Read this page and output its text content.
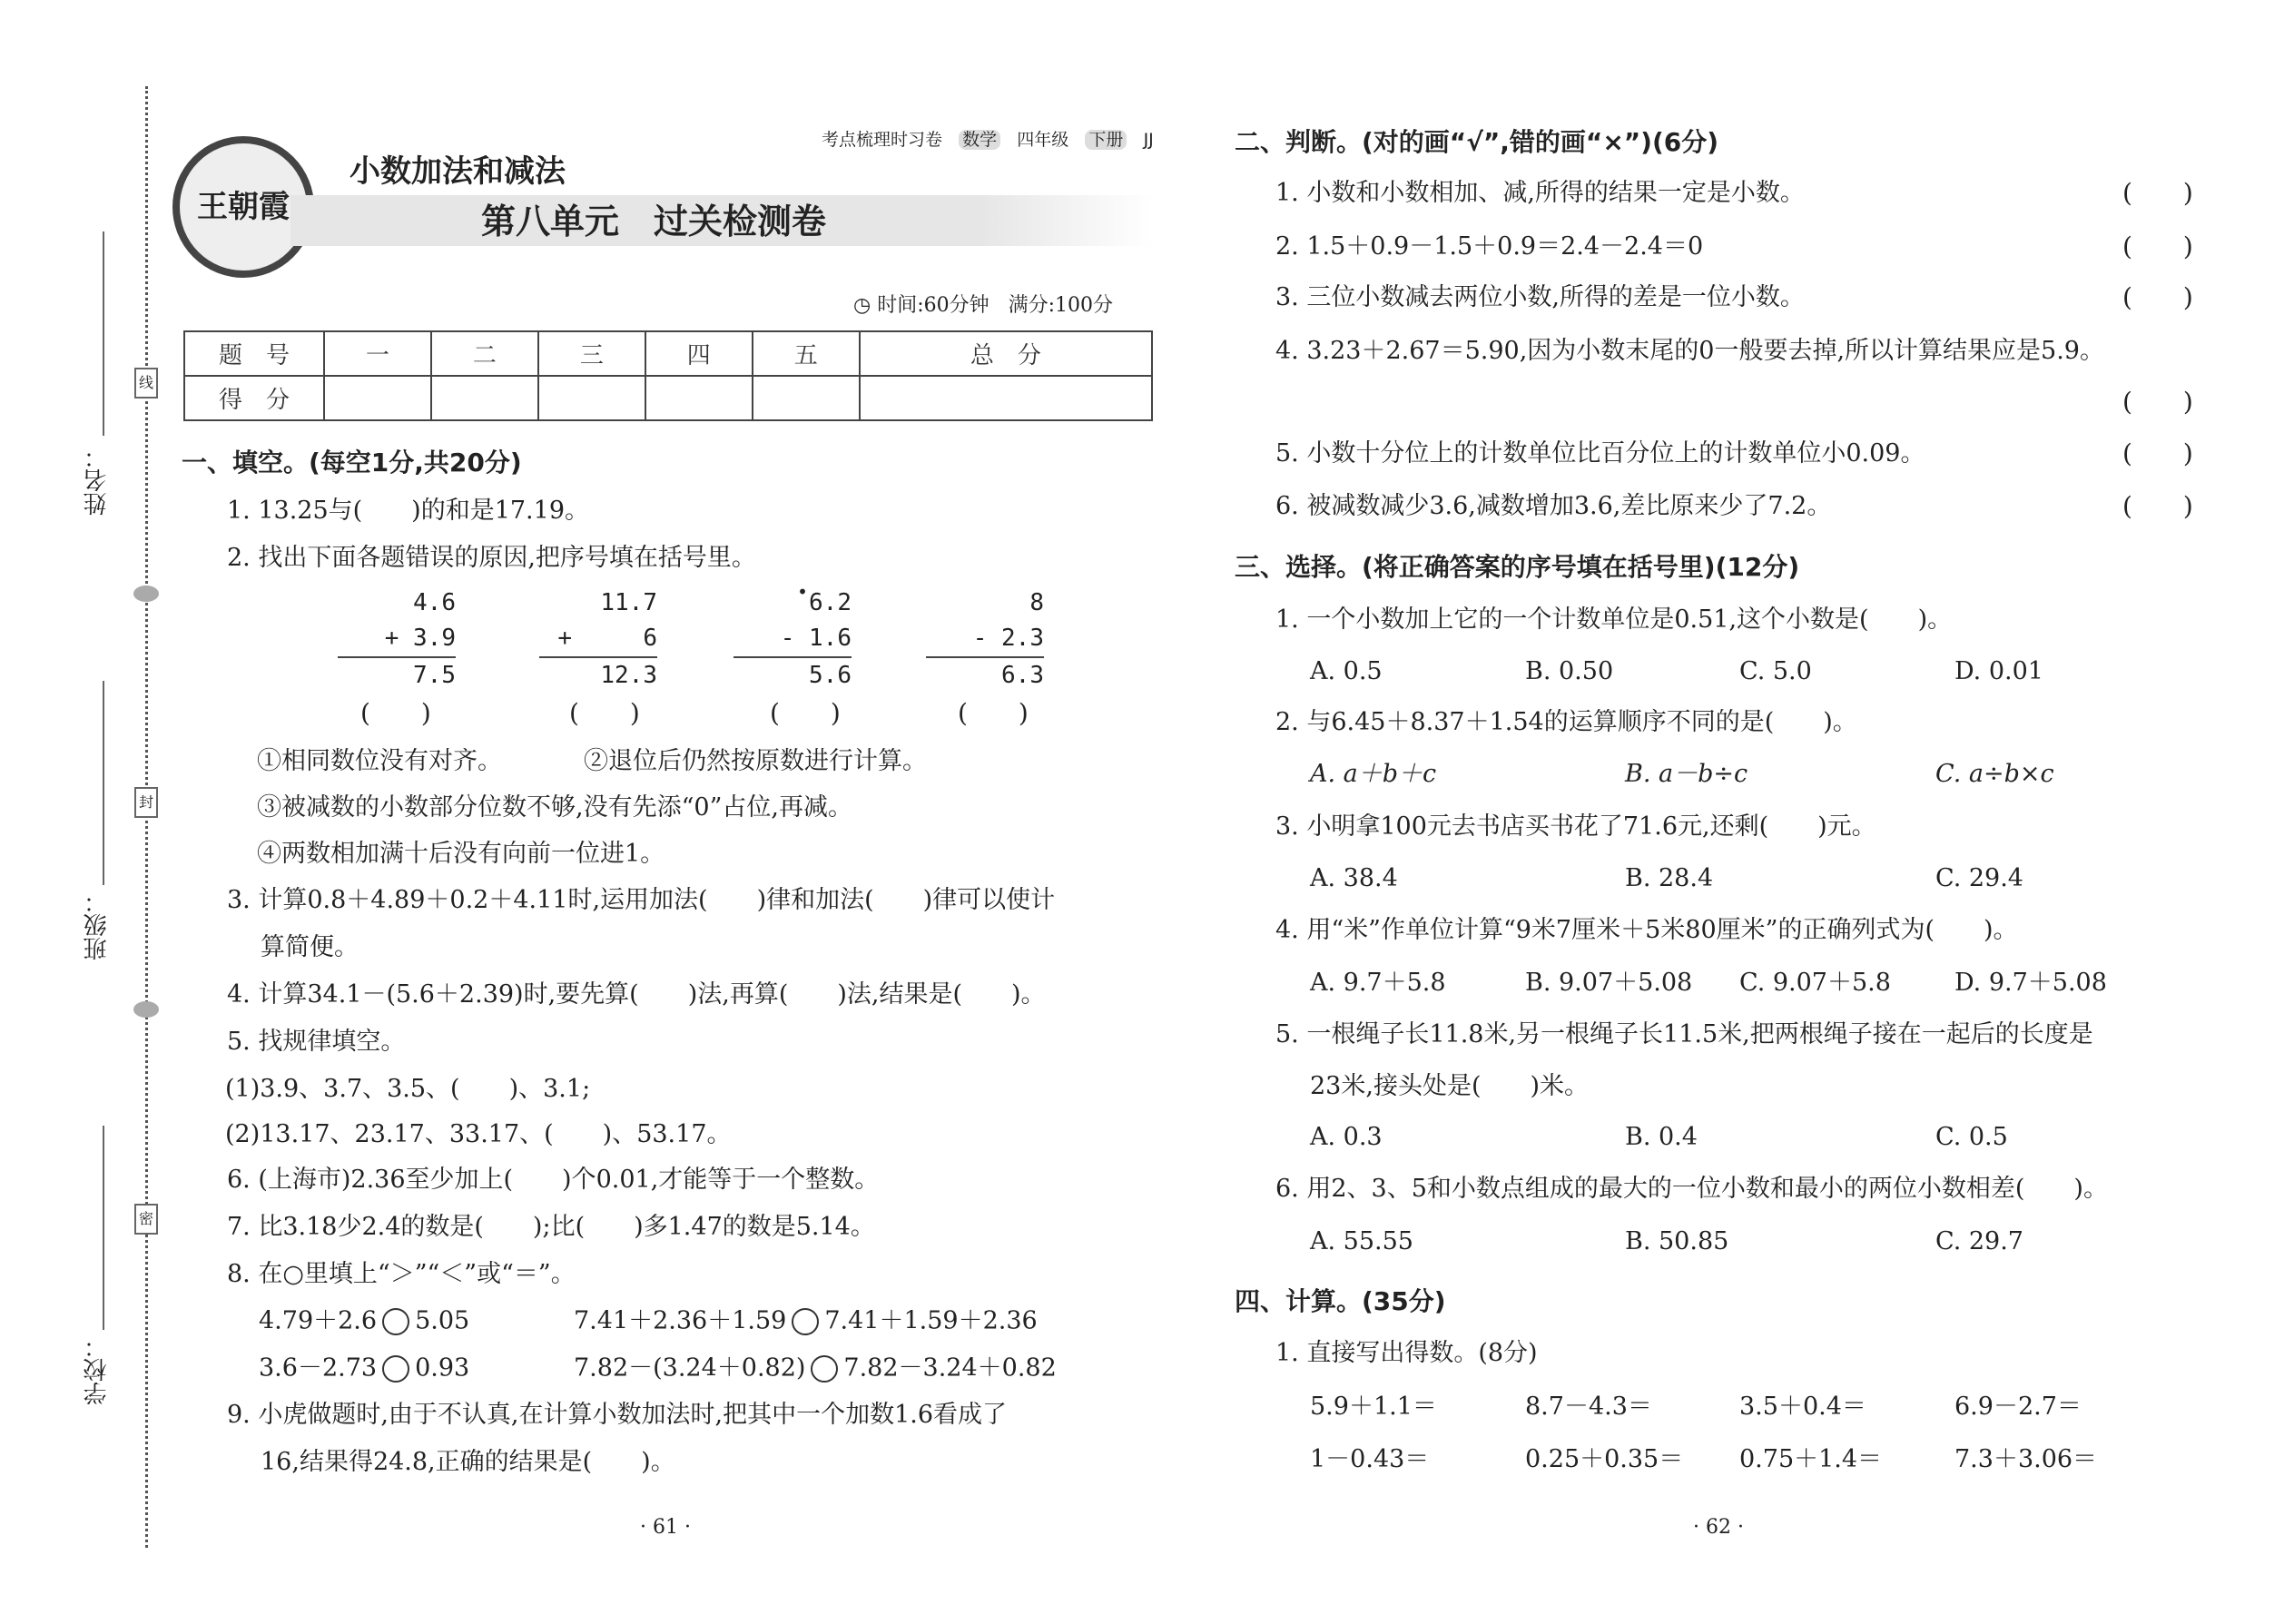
线
封
密
姓名：
班级：
学校：
王朝霞
考点梳理时习卷 数学 四年级 下册 JJ
小数加法和减法
第八单元　过关检测卷
◷ 时间:60分钟 满分:100分
题　号	一	二	三	四	五	总　分
得　分						
一、填空。(每空1分,共20分)
1. 13.25与(　　)的和是17.19。
2. 找出下面各题错误的原因,把序号填在括号里。
4.6
+ 3.9
7.5
11.7
+     6
12.3
• 6.2
- 1.6
5.6
8
- 2.3
6.3
(　　)	(　　)	(　　)	(　　)
①相同数位没有对齐。	②退位后仍然按原数进行计算。
③被减数的小数部分位数不够,没有先添“0”占位,再减。
④两数相加满十后没有向前一位进1。
3. 计算0.8＋4.89＋0.2＋4.11时,运用加法(　　)律和加法(　　)律可以使计
算简便。
4. 计算34.1－(5.6＋2.39)时,要先算(　　)法,再算(　　)法,结果是(　　)。
5. 找规律填空。
(1)3.9、3.7、3.5、(　　)、3.1;
(2)13.17、23.17、33.17、(　　)、53.17。
6. (上海市)2.36至少加上(　　)个0.01,才能等于一个整数。
7. 比3.18少2.4的数是(　　);比(　　)多1.47的数是5.14。
8. 在○里填上“＞”“＜”或“＝”。
4.79＋2.6 5.05	7.41＋2.36＋1.59 7.41＋1.59＋2.36
3.6－2.73 0.93	7.82－(3.24＋0.82) 7.82－3.24＋0.82
9. 小虎做题时,由于不认真,在计算小数加法时,把其中一个加数1.6看成了
16,结果得24.8,正确的结果是(　　)。
· 61 ·
二、判断。(对的画“√”,错的画“×”)(6分)
1. 小数和小数相加、减,所得的结果一定是小数。	(　　)
2. 1.5＋0.9－1.5＋0.9＝2.4－2.4＝0	(　　)
3. 三位小数减去两位小数,所得的差是一位小数。	(　　)
4. 3.23＋2.67＝5.90,因为小数末尾的0一般要去掉,所以计算结果应是5.9。
(　　)
5. 小数十分位上的计数单位比百分位上的计数单位小0.09。	(　　)
6. 被减数减少3.6,减数增加3.6,差比原来少了7.2。	(　　)
三、选择。(将正确答案的序号填在括号里)(12分)
1. 一个小数加上它的一个计数单位是0.51,这个小数是(　　)。
A. 0.5	B. 0.50	C. 5.0	D. 0.01
2. 与6.45＋8.37＋1.54的运算顺序不同的是(　　)。
A. a＋b＋c	B. a－b÷c	C. a÷b×c
3. 小明拿100元去书店买书花了71.6元,还剩(　　)元。
A. 38.4	B. 28.4	C. 29.4
4. 用“米”作单位计算“9米7厘米＋5米80厘米”的正确列式为(　　)。
A. 9.7＋5.8	B. 9.07＋5.08 C. 9.07＋5.8	D. 9.7＋5.08
5. 一根绳子长11.8米,另一根绳子长11.5米,把两根绳子接在一起后的长度是
23米,接头处是(　　)米。
A. 0.3	B. 0.4	C. 0.5
6. 用2、3、5和小数点组成的最大的一位小数和最小的两位小数相差(　　)。
A. 55.55	B. 50.85	C. 29.7
四、计算。(35分)
1. 直接写出得数。(8分)
5.9＋1.1＝	8.7－4.3＝	3.5＋0.4＝	6.9－2.7＝
1－0.43＝	0.25＋0.35＝ 0.75＋1.4＝	7.3＋3.06＝
· 62 ·
